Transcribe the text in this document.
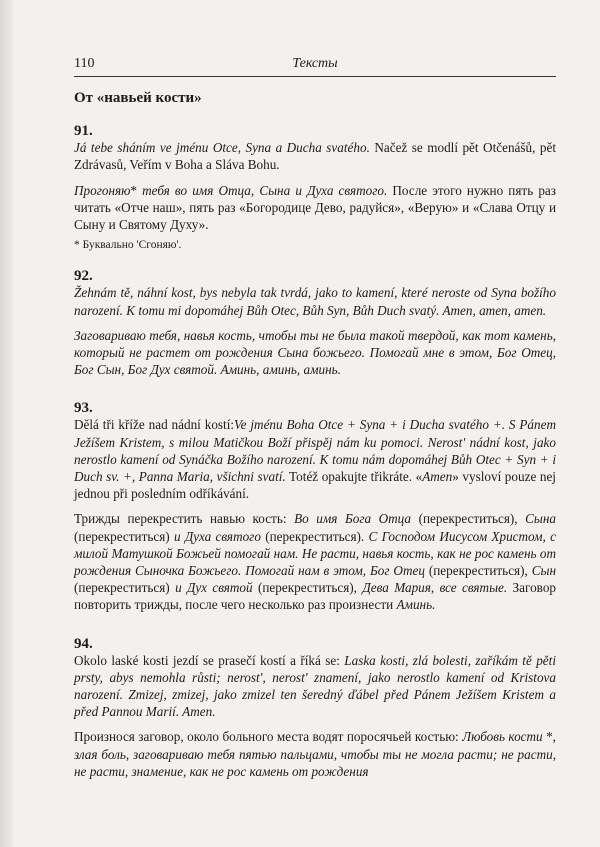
110	Тексты
От «навьей кости»
91.

Já tebe sháním ve jménu Otce, Syna a Ducha svatého. Načež se modlí pět Otčenášů, pět Zdrávasů, Veřím v Boha a Sláva Bohu.

Прогоняю* тебя во имя Отца, Сына и Духа святого. После этого нужно пять раз читать «Отче наш», пять раз «Богородице Дево, радуйся», «Верую» и «Слава Отцу и Сыну и Святому Духу».

* Буквально 'Сгоняю'.

92.

Žehnám tě, náhní kost, bys nebyla tak tvrdá, jako to kamení, které neroste od Syna božího narození. K tomu mi dopomáhej Bůh Otec, Bůh Syn, Bůh Duch svatý. Amen, amen, amen.

Заговариваю тебя, навья кость, чтобы ты не была такой твердой, как тот камень, который не растет от рождения Сына божьего. Помогай мне в этом, Бог Отец, Бог Сын, Бог Дух святой. Аминь, аминь, аминь.

93.

Dělá tři kříže nad nádní kostí:Ve jménu Boha Otce + Syna + i Ducha svatého +. S Pánem Ježíšem Kristem, s milou Matičkou Boží přispěj nám ku pomoci. Nerost' nádní kost, jako nerostlo kamení od Synáčka Božího narození. K tomu nám dopomáhej Bůh Otec + Syn + i Duch sv. +, Panna Maria, všichni svatí. Totéž opakujte třikráte. «Amen» vysloví pouze nej jednou při posledním odříkávání.

Трижды перекрестить навью кость: Во имя Бога Отца (перекреститься), Сына (перекреститься) и Духа святого (перекреститься). С Господом Иисусом Христом, с милой Матушкой Божьей помогай нам. Не расти, навья кость, как не рос камень от рождения Сыночка Божьего. Помогай нам в этом, Бог Отец (перекреститься), Сын (перекреститься) и Дух святой (перекреститься), Дева Мария, все святые. Заговор повторить трижды, после чего несколько раз произнести Аминь.

94.

Okolo laské kosti jezdí se prasečí kostí a říká se: Laska kosti, zlá bolesti, zaříkám tě pěti prsty, abys nemohla růsti; nerost', nerost' znamení, jako nerostlo kamení od Kristova narození. Zmizej, zmizej, jako zmizel ten šeredný ďábel před Pánem Ježíšem Kristem a před Pannou Marií. Amen.

Произнося заговор, около больного места водят поросячьей костью: Любовь кости *, злая боль, заговариваю тебя пятью пальцами, чтобы ты не могла расти; не расти, не расти, знамение, как не рос камень от рождения
